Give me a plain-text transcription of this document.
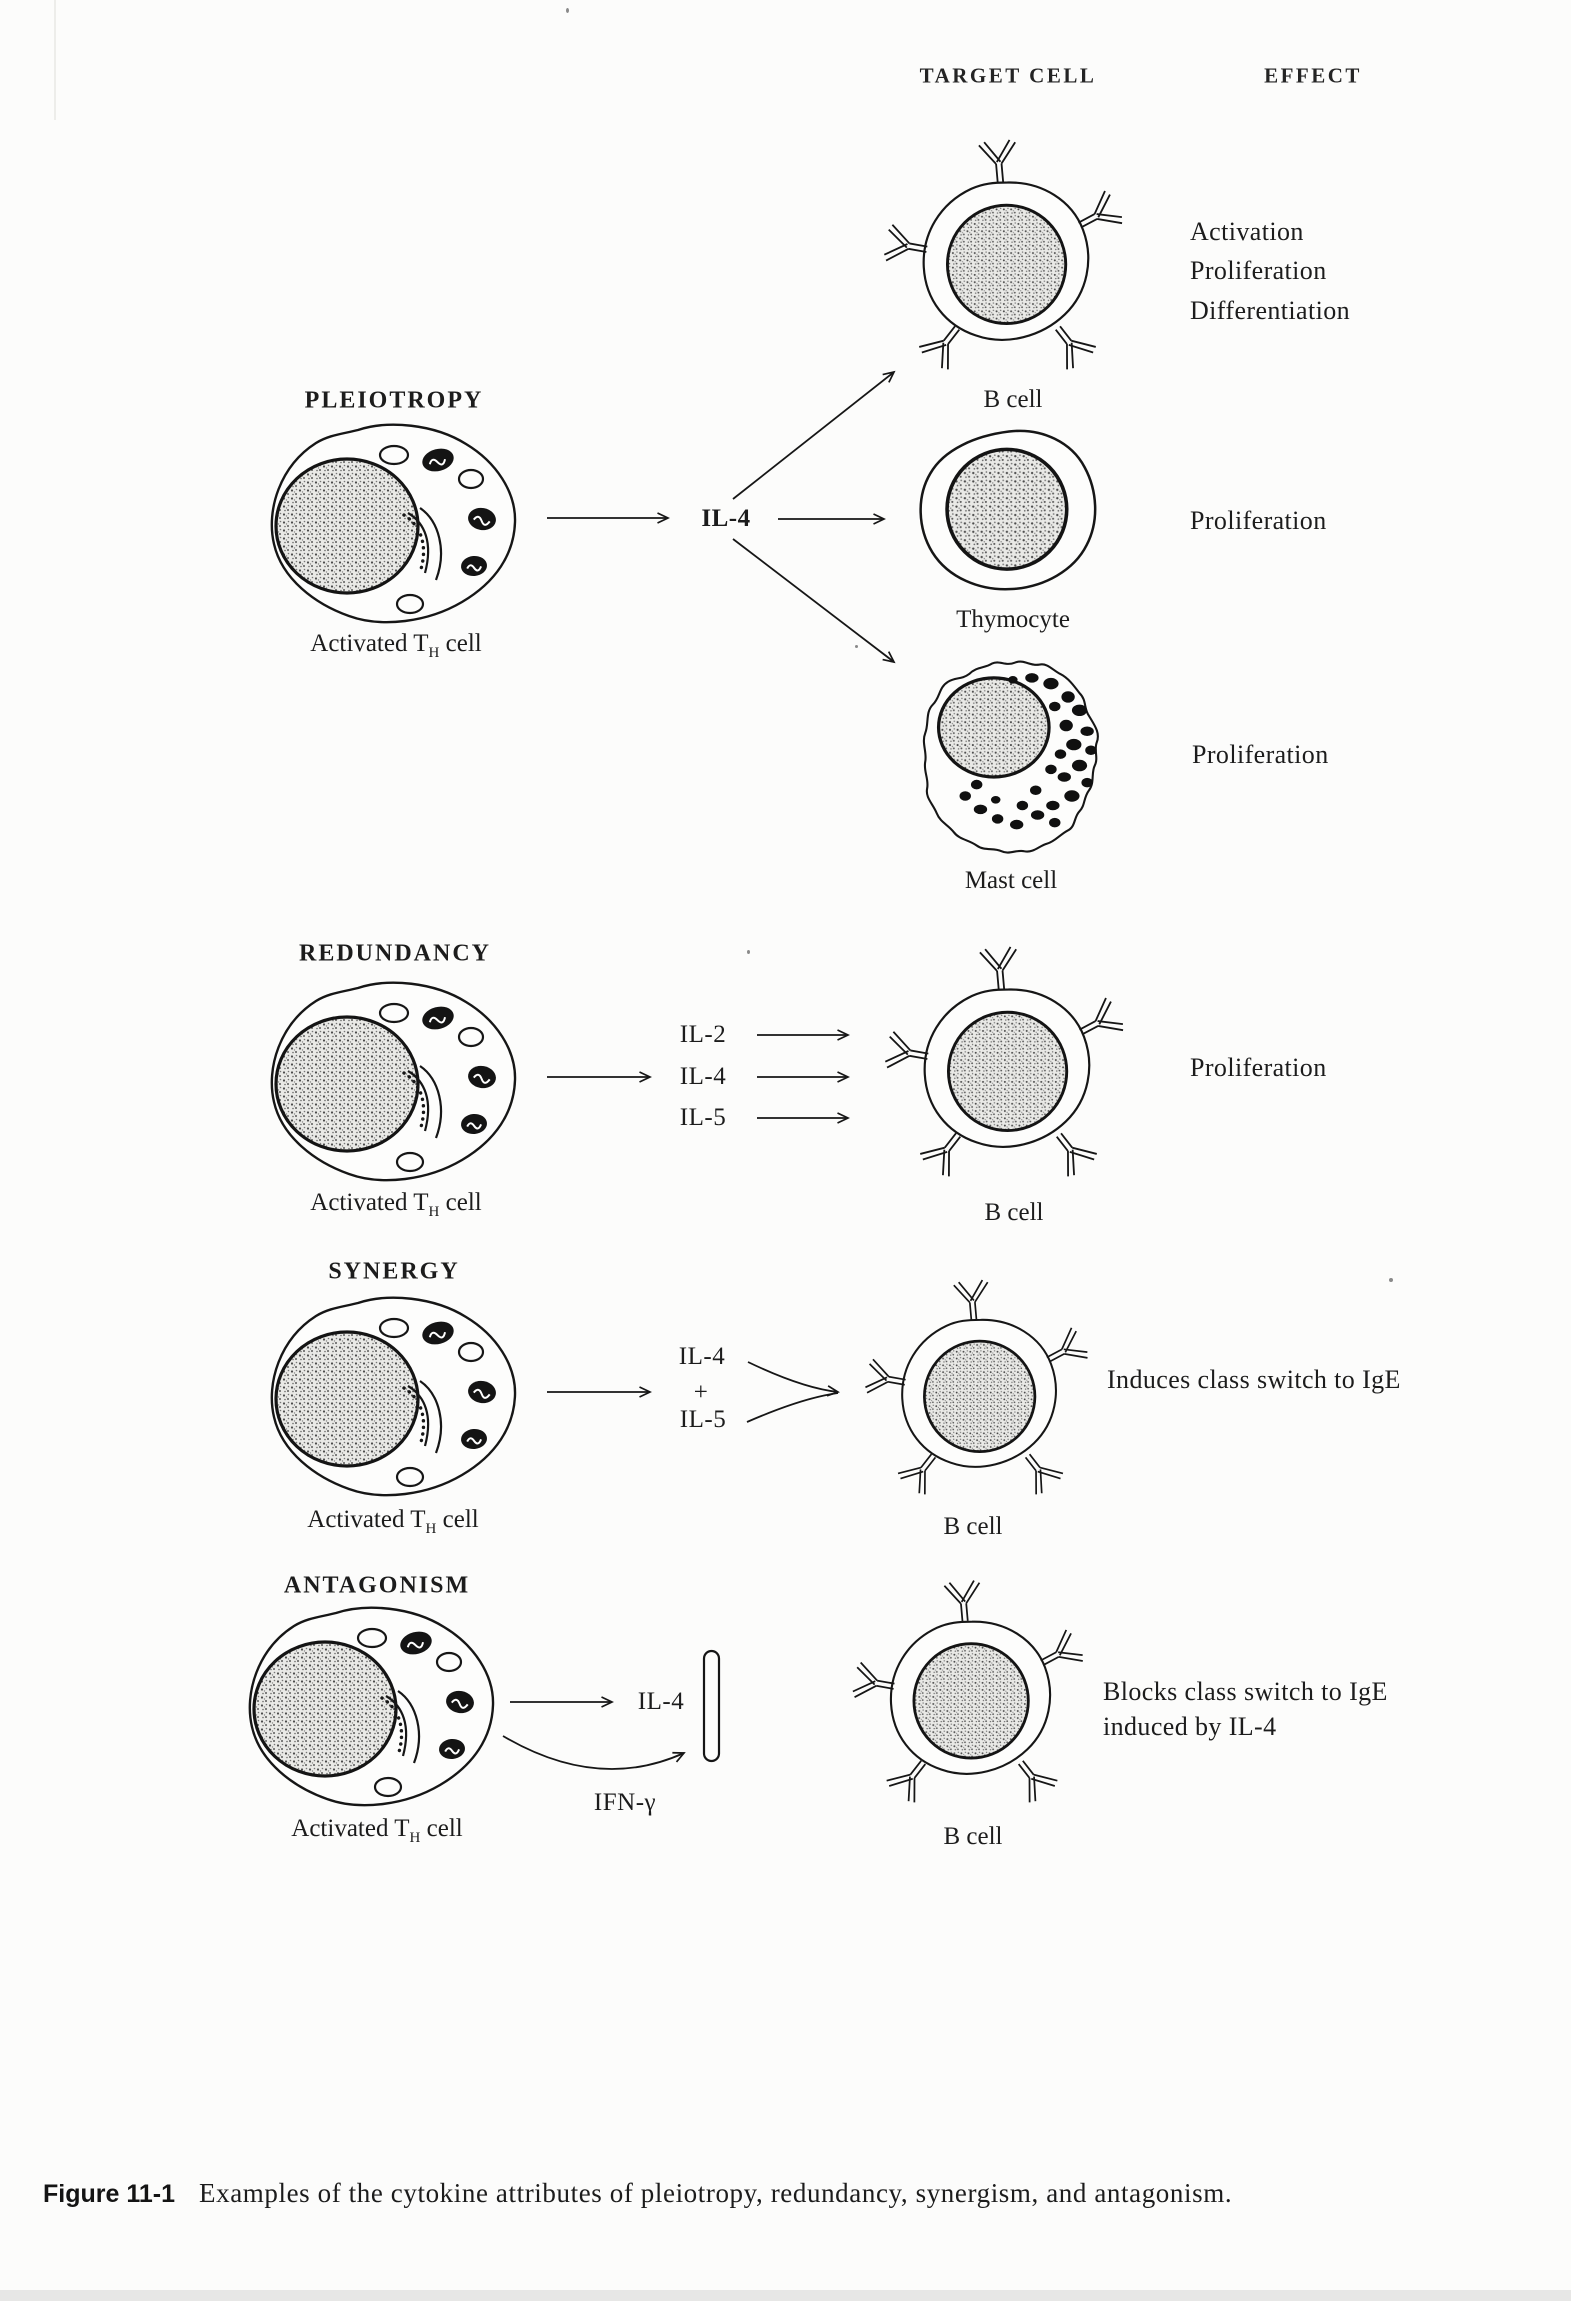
TARGET CELL	EFFECT
PLEIOTROPY
Activated $T_H$ cell
IL-4
B cell
Activation
Proliferation
Differentiation
Thymocyte
Proliferation
Mast cell
Proliferation
REDUNDANCY
Activated $T_H$ cell
IL-2
IL-4
IL-5
B cell
Proliferation
SYNERGY
Activated $T_H$ cell
IL-4
+
IL-5
B cell
Induces class switch to IgE
ANTAGONISM
Activated $T_H$ cell
IL-4
IFN-γ
B cell
Blocks class switch to IgE
induced by IL-4
Figure 11-1 Examples of the cytokine attributes of pleiotropy, redundancy, synergism, and antagonism.
